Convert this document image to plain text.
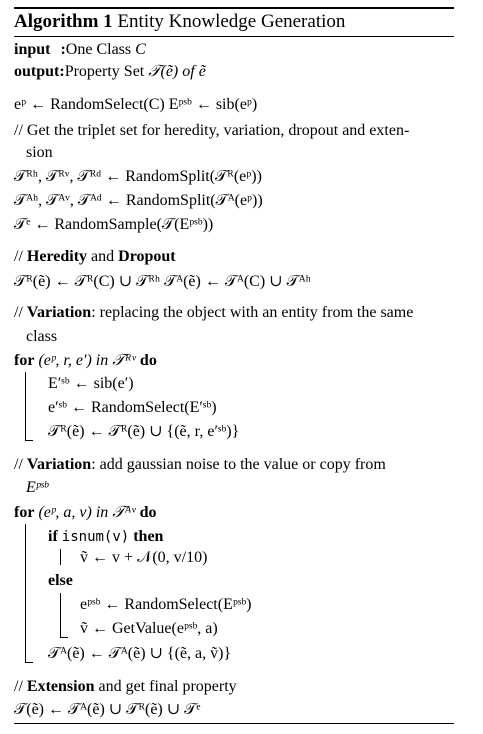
Algorithm 1 Entity Knowledge Generation
input :One Class C
output:Property Set 𝒯(ẽ) of ẽ
eᵖ ← RandomSelect(C) Eᵖˢᵇ ← sib(eᵖ)
// Get the triplet set for heredity, variation, dropout and exten-
sion
𝒯ᴿʰ, 𝒯ᴿᵛ, 𝒯ᴿᵈ ← RandomSplit(𝒯ᴿ(eᵖ))
𝒯ᴬʰ, 𝒯ᴬᵛ, 𝒯ᴬᵈ ← RandomSplit(𝒯ᴬ(eᵖ))
𝒯ᵉ ← RandomSample(𝒯(Eᵖˢᵇ))
// Heredity and Dropout
𝒯ᴿ(ẽ) ← 𝒯ᴿ(C) ∪ 𝒯ᴿʰ 𝒯ᴬ(ẽ) ← 𝒯ᴬ(C) ∪ 𝒯ᴬʰ
// Variation: replacing the object with an entity from the same
class
for (eᵖ, r, e′) in 𝒯ᴿᵛ do
E′ˢᵇ ← sib(e′)
e′ˢᵇ ← RandomSelect(E′ˢᵇ)
𝒯ᴿ(ẽ) ← 𝒯ᴿ(ẽ) ∪ {(ẽ, r, e′ˢᵇ)}
// Variation: add gaussian noise to the value or copy from
Eᵖˢᵇ
for (eᵖ, a, v) in 𝒯ᴬᵛ do
if isnum(v) then
ṽ ← v + 𝒩(0, v/10)
else
eᵖˢᵇ ← RandomSelect(Eᵖˢᵇ)
ṽ ← GetValue(eᵖˢᵇ, a)
𝒯ᴬ(ẽ) ← 𝒯ᴬ(ẽ) ∪ {(ẽ, a, ṽ)}
// Extension and get final property
𝒯(ẽ) ← 𝒯ᴬ(ẽ) ∪ 𝒯ᴿ(ẽ) ∪ 𝒯ᵉ
